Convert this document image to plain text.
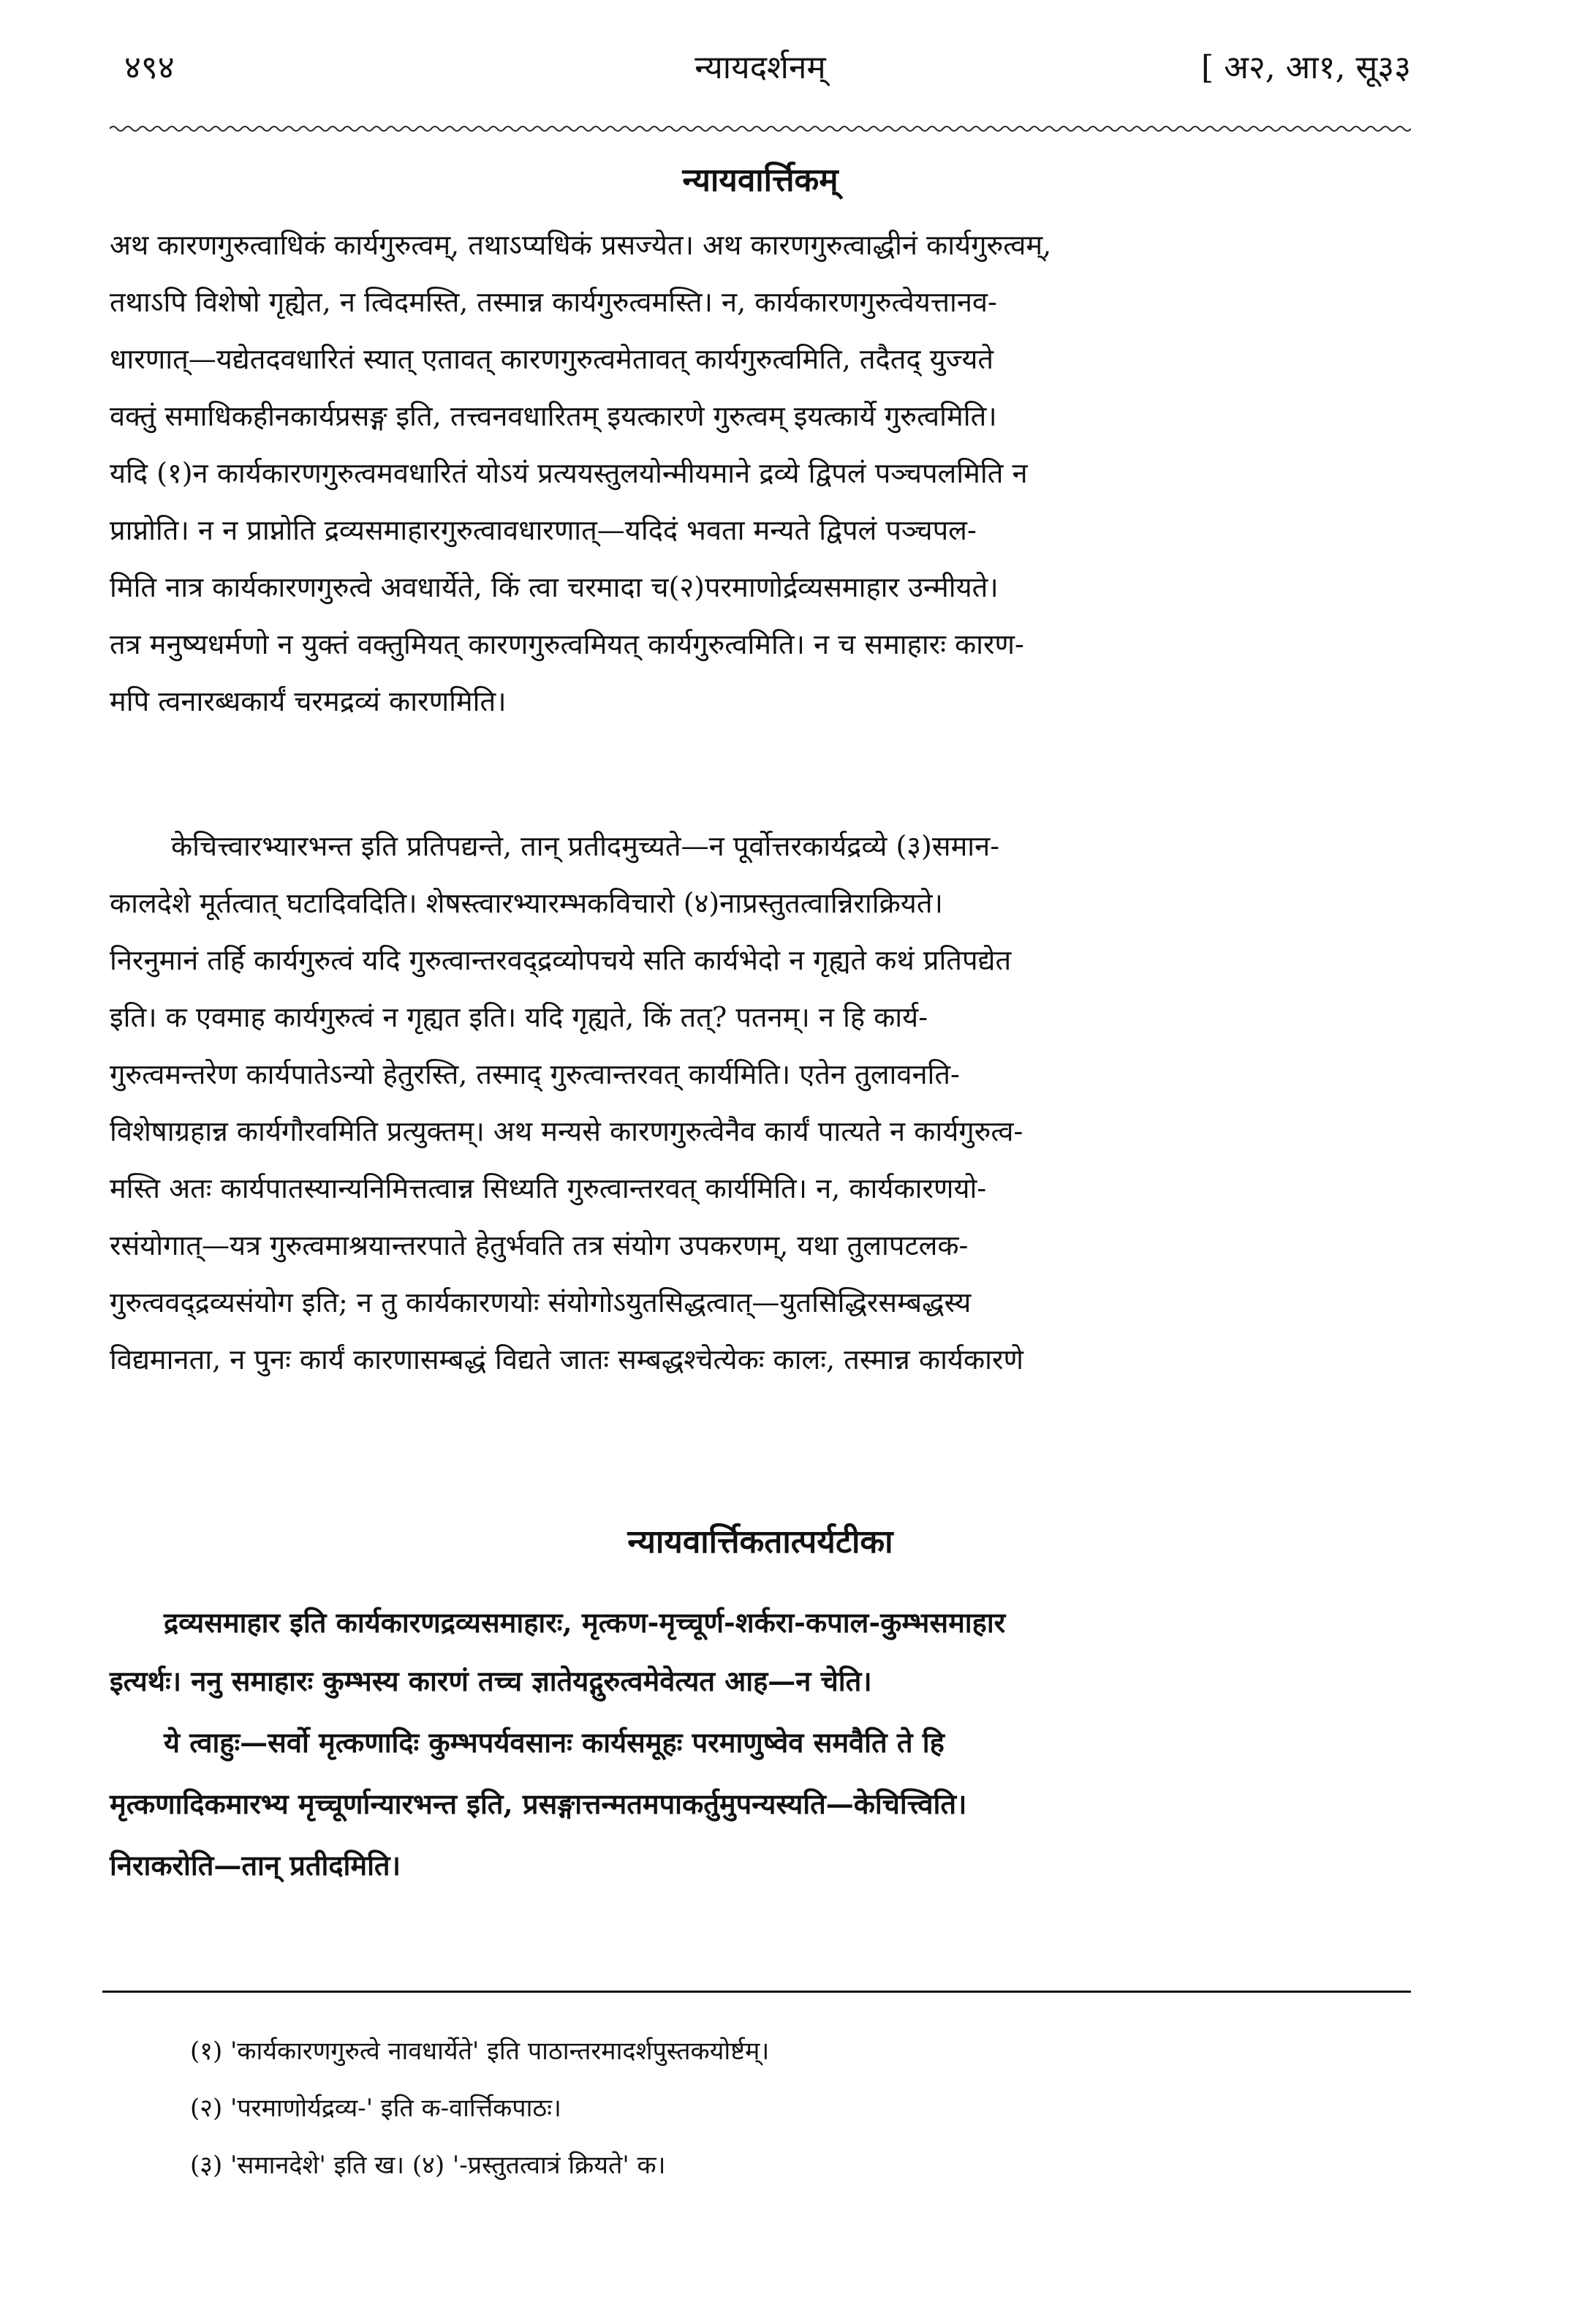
४९४	न्यायदर्शनम्	[ अ२, आ१, सू३३
न्यायवार्त्तिकम्
अथ कारणगुरुत्वाधिकं कार्यगुरुत्वम्, तथाऽप्यधिकं प्रसज्येत। अथ कारणगुरुत्वाद्धीनं कार्यगुरुत्वम्,
तथाऽपि विशेषो गृह्येत, न त्विदमस्ति, तस्मान्न कार्यगुरुत्वमस्ति। न, कार्यकारणगुरुत्वेयत्तानव-
धारणात्—यद्येतदवधारितं स्यात् एतावत् कारणगुरुत्वमेतावत् कार्यगुरुत्वमिति, तदैतद् युज्यते
वक्तुं समाधिकहीनकार्यप्रसङ्ग इति, तत्त्वनवधारितम् इयत्कारणे गुरुत्वम् इयत्कार्ये गुरुत्वमिति।
यदि (१)न कार्यकारणगुरुत्वमवधारितं योऽयं प्रत्ययस्तुलयोन्मीयमाने द्रव्ये द्विपलं पञ्चपलमिति न
प्राप्नोति। न न प्राप्नोति द्रव्यसमाहारगुरुत्वावधारणात्—यदिदं भवता मन्यते द्विपलं पञ्चपल-
मिति नात्र कार्यकारणगुरुत्वे अवधार्येते, किं त्वा चरमादा च(२)परमाणोर्द्रव्यसमाहार उन्मीयते।
तत्र मनुष्यधर्मणो न युक्तं वक्तुमियत् कारणगुरुत्वमियत् कार्यगुरुत्वमिति। न च समाहारः कारण-
मपि त्वनारब्धकार्यं चरमद्रव्यं कारणमिति।
केचित्त्वारभ्यारभन्त इति प्रतिपद्यन्ते, तान् प्रतीदमुच्यते—न पूर्वोत्तरकार्यद्रव्ये (३)समान-
कालदेशे मूर्तत्वात् घटादिवदिति। शेषस्त्वारभ्यारम्भकविचारो (४)नाप्रस्तुतत्वान्निराक्रियते।
निरनुमानं तर्हि कार्यगुरुत्वं यदि गुरुत्वान्तरवद्द्रव्योपचये सति कार्यभेदो न गृह्यते कथं प्रतिपद्येत
इति। क एवमाह कार्यगुरुत्वं न गृह्यत इति। यदि गृह्यते, किं तत्? पतनम्। न हि कार्य-
गुरुत्वमन्तरेण कार्यपातेऽन्यो हेतुरस्ति, तस्माद् गुरुत्वान्तरवत् कार्यमिति। एतेन तुलावनति-
विशेषाग्रहान्न कार्यगौरवमिति प्रत्युक्तम्। अथ मन्यसे कारणगुरुत्वेनैव कार्यं पात्यते न कार्यगुरुत्व-
मस्ति अतः कार्यपातस्यान्यनिमित्तत्वान्न सिध्यति गुरुत्वान्तरवत् कार्यमिति। न, कार्यकारणयो-
रसंयोगात्—यत्र गुरुत्वमाश्रयान्तरपाते हेतुर्भवति तत्र संयोग उपकरणम्, यथा तुलापटलक-
गुरुत्ववद्द्रव्यसंयोग इति; न तु कार्यकारणयोः संयोगोऽयुतसिद्धत्वात्—युतसिद्धिरसम्बद्धस्य
विद्यमानता, न पुनः कार्यं कारणासम्बद्धं विद्यते जातः सम्बद्धश्चेत्येकः कालः, तस्मान्न कार्यकारणे
न्यायवार्त्तिकतात्पर्यटीका
द्रव्यसमाहार इति कार्यकारणद्रव्यसमाहारः, मृत्कण-मृच्चूर्ण-शर्करा-कपाल-कुम्भसमाहार
इत्यर्थः। ननु समाहारः कुम्भस्य कारणं तच्च ज्ञातेयद्गुरुत्वमेवेत्यत आह—न चेति।
ये त्वाहुः—सर्वो मृत्कणादिः कुम्भपर्यवसानः कार्यसमूहः परमाणुष्वेव समवैति ते हि
मृत्कणादिकमारभ्य मृच्चूर्णान्यारभन्त इति, प्रसङ्गात्तन्मतमपाकर्तुमुपन्यस्यति—केचित्त्विति।
निराकरोति—तान् प्रतीदमिति।
(१) 'कार्यकारणगुरुत्वे नावधार्येते' इति पाठान्तरमादर्शपुस्तकयोर्ष्टम्।
(२) 'परमाणोर्यद्रव्य-' इति क-वार्त्तिकपाठः।
(३) 'समानदेशे' इति ख। (४) '-प्रस्तुतत्वात्रं क्रियते' क।
